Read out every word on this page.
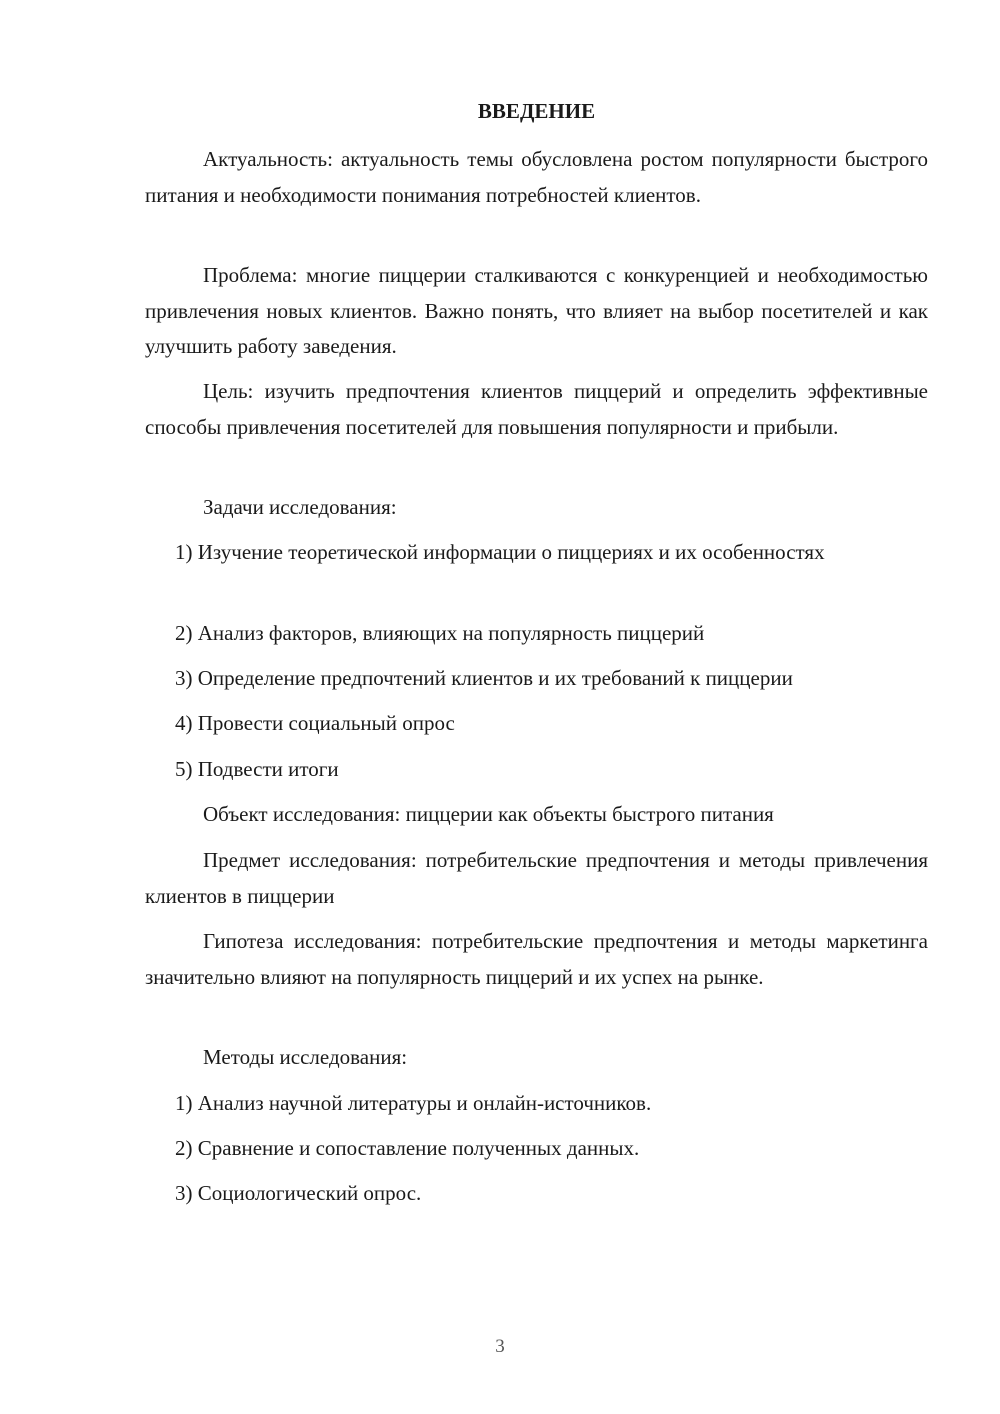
ВВЕДЕНИЕ

Актуальность: актуальность темы обусловлена ростом популярности быстрого питания и необходимости понимания потребностей клиентов.

Проблема: многие пиццерии сталкиваются с конкуренцией и необходимостью привлечения новых клиентов. Важно понять, что влияет на выбор посетителей и как улучшить работу заведения.

Цель: изучить предпочтения клиентов пиццерий и определить эффективные способы привлечения посетителей для повышения популярности и прибыли.

Задачи исследования:

1) Изучение теоретической информации о пиццериях и их особенностях

2) Анализ факторов, влияющих на популярность пиццерий

3) Определение предпочтений клиентов и их требований к пиццерии

4) Провести социальный опрос

5) Подвести итоги

Объект исследования: пиццерии как объекты быстрого питания

Предмет исследования: потребительские предпочтения и методы привлечения клиентов в пиццерии

Гипотеза исследования: потребительские предпочтения и методы маркетинга значительно влияют на популярность пиццерий и их успех на рынке.

Методы исследования:

1) Анализ научной литературы и онлайн-источников.

2) Сравнение и сопоставление полученных данных.

3) Социологический опрос.

3
